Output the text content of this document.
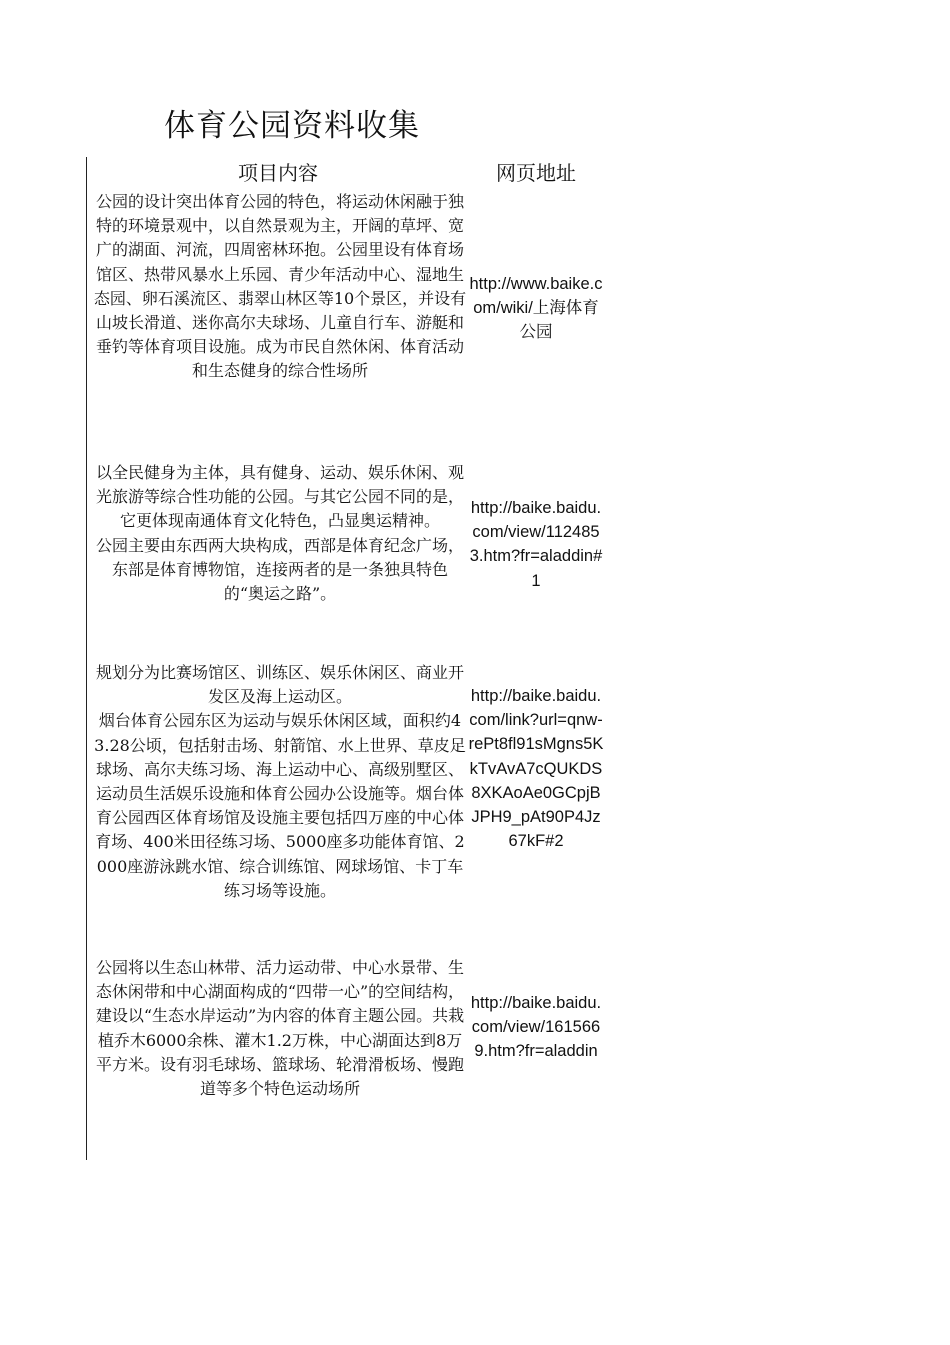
体育公园资料收集
项目内容	网页地址
公园的设计突出体育公园的特色，将运动休闲融于独特的环境景观中，以自然景观为主，开阔的草坪、宽广的湖面、河流，四周密林环抱。公园里设有体育场馆区、热带风暴水上乐园、青少年活动中心、湿地生态园、卵石溪流区、翡翠山林区等10个景区，并设有山坡长滑道、迷你高尔夫球场、儿童自行车、游艇和垂钓等体育项目设施。成为市民自然休闲、体育活动和生态健身的综合性场所
http://www.baike.com/wiki/上海体育公园
以全民健身为主体，具有健身、运动、娱乐休闲、观光旅游等综合性功能的公园。与其它公园不同的是，它更体现南通体育文化特色，凸显奥运精神。
公园主要由东西两大块构成，西部是体育纪念广场，东部是体育博物馆，连接两者的是一条独具特色的“奥运之路”。
http://baike.baidu.com/view/1124853.htm?fr=aladdin#1
规划分为比赛场馆区、训练区、娱乐休闲区、商业开发区及海上运动区。
烟台体育公园东区为运动与娱乐休闲区域，面积约43.28公顷，包括射击场、射箭馆、水上世界、草皮足球场、高尔夫练习场、海上运动中心、高级别墅区、运动员生活娱乐设施和体育公园办公设施等。烟台体育公园西区体育场馆及设施主要包括四万座的中心体育场、400米田径练习场、5000座多功能体育馆、2000座游泳跳水馆、综合训练馆、网球场馆、卡丁车练习场等设施。
http://baike.baidu.com/link?url=qnw-rePt8fl91sMgns5KkTvAvA7cQUKDS8XKAoAe0GCpjBJPH9_pAt90P4Jz67kF#2
公园将以生态山林带、活力运动带、中心水景带、生态休闲带和中心湖面构成的“四带一心”的空间结构，建设以“生态水岸运动”为内容的体育主题公园。共栽植乔木6000余株、灌木1.2万株，中心湖面达到8万平方米。设有羽毛球场、篮球场、轮滑滑板场、慢跑道等多个特色运动场所
http://baike.baidu.com/view/1615669.htm?fr=aladdin
